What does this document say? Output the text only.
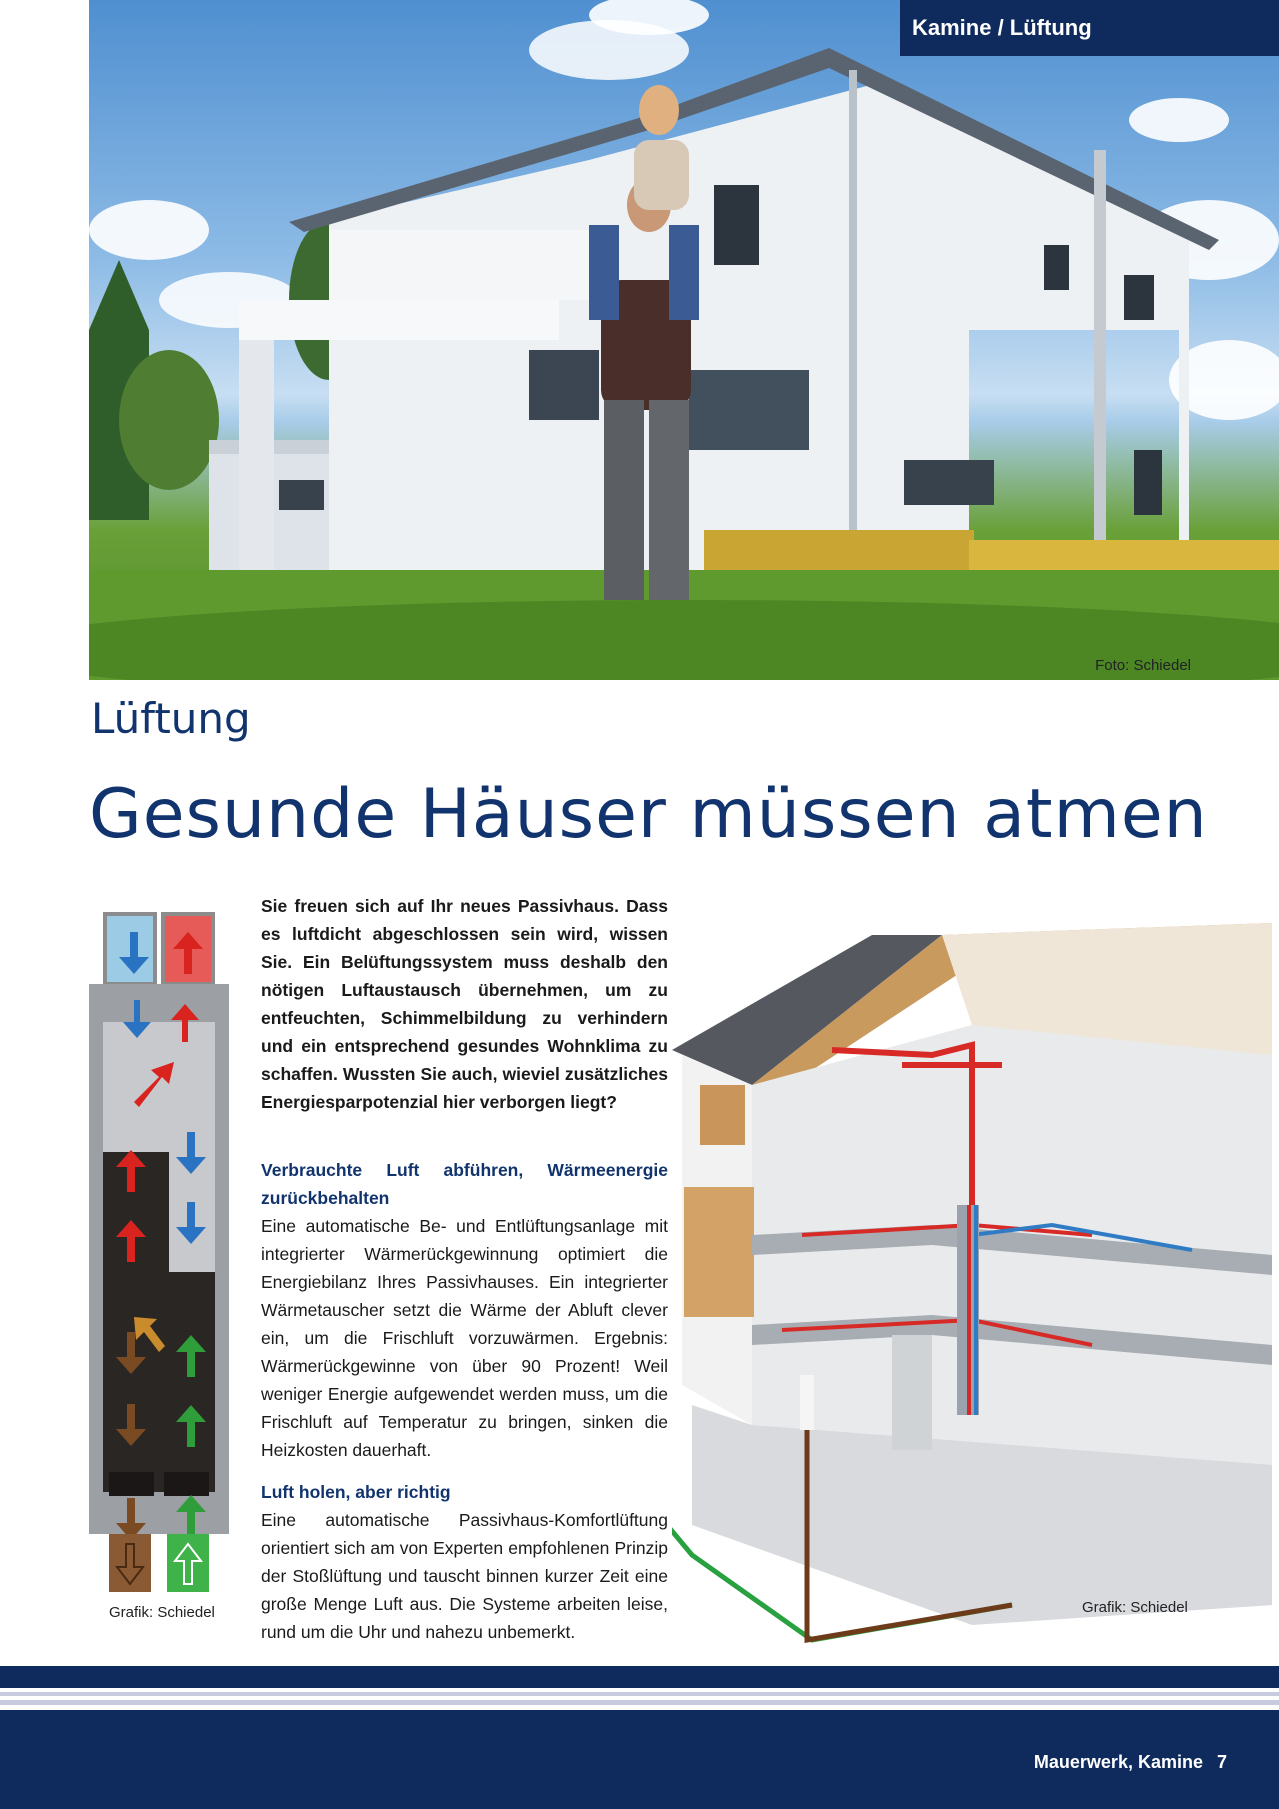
Kamine / Lüftung
Foto: Schiedel
Lüftung
Gesunde Häuser müssen atmen
Grafik: Schiedel

Sie freuen sich auf Ihr neues Passivhaus. Dass es luftdicht abgeschlossen sein wird, wissen Sie. Ein Belüftungssystem muss deshalb den nötigen Luftaustausch übernehmen, um zu entfeuchten, Schimmelbildung zu verhindern und ein entsprechend gesundes Wohnklima zu schaffen. Wussten Sie auch, wieviel zusätzliches Energiesparpotenzial hier verborgen liegt?

Verbrauchte Luft abführen, Wärmeenergie zurückbehalten

Eine automatische Be- und Entlüftungsanlage mit integrierter Wärmerückgewinnung optimiert die Energiebilanz Ihres Passivhauses. Ein integrierter Wärmetauscher setzt die Wärme der Abluft clever ein, um die Frischluft vorzuwärmen. Ergebnis: Wärmerückgewinne von über 90 Prozent! Weil weniger Energie aufgewendet werden muss, um die Frischluft auf Temperatur zu bringen, sinken die Heizkosten dauerhaft.

Luft holen, aber richtig

Eine automatische Passivhaus-Komfortlüftung orientiert sich am von Experten empfohlenen Prinzip der Stoßlüftung und tauscht binnen kurzer Zeit eine große Menge Luft aus. Die Systeme arbeiten leise, rund um die Uhr und nahezu unbemerkt.

Grafik: Schiedel
Mauerwerk, Kamine 7
